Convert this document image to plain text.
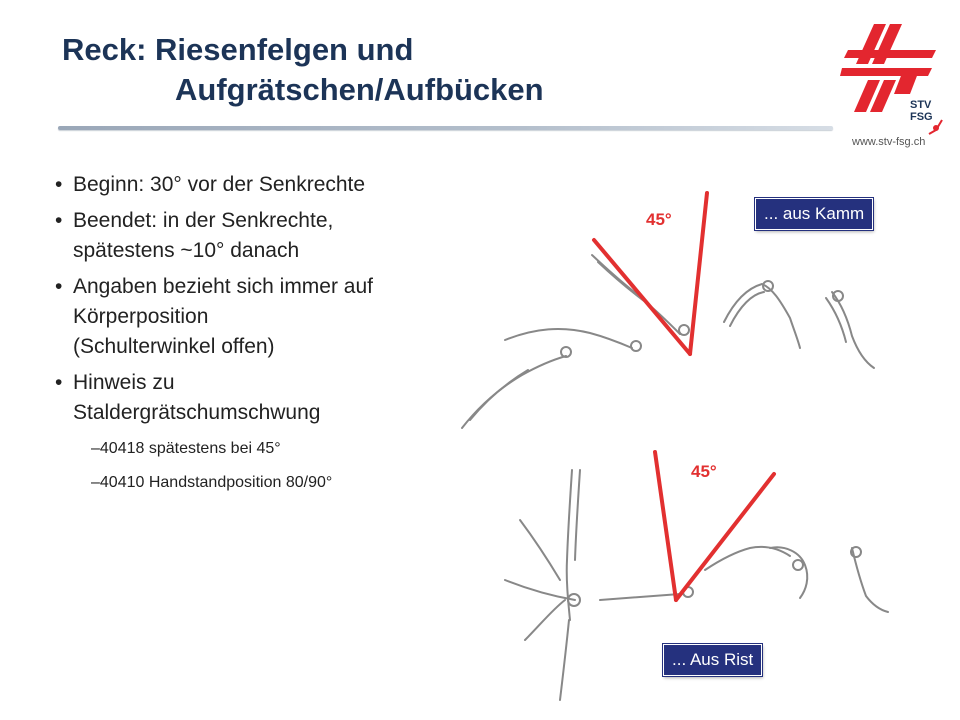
Reck: Riesenfelgen und
Aufgrätschen/Aufbücken	STV
FSG
www.stv-fsg.ch
• Beginn: 30° vor der Senkrechte
• Beendet: in der Senkrechte,
spätestens ~10° danach
• Angaben bezieht sich immer auf
Körperposition
(Schulterwinkel offen)
• Hinweis zu
Staldergrätschumschwung
–40418 spätestens bei 45°
–40410 Handstandposition 80/90°
45°
45°
... aus Kamm
... Aus Rist
